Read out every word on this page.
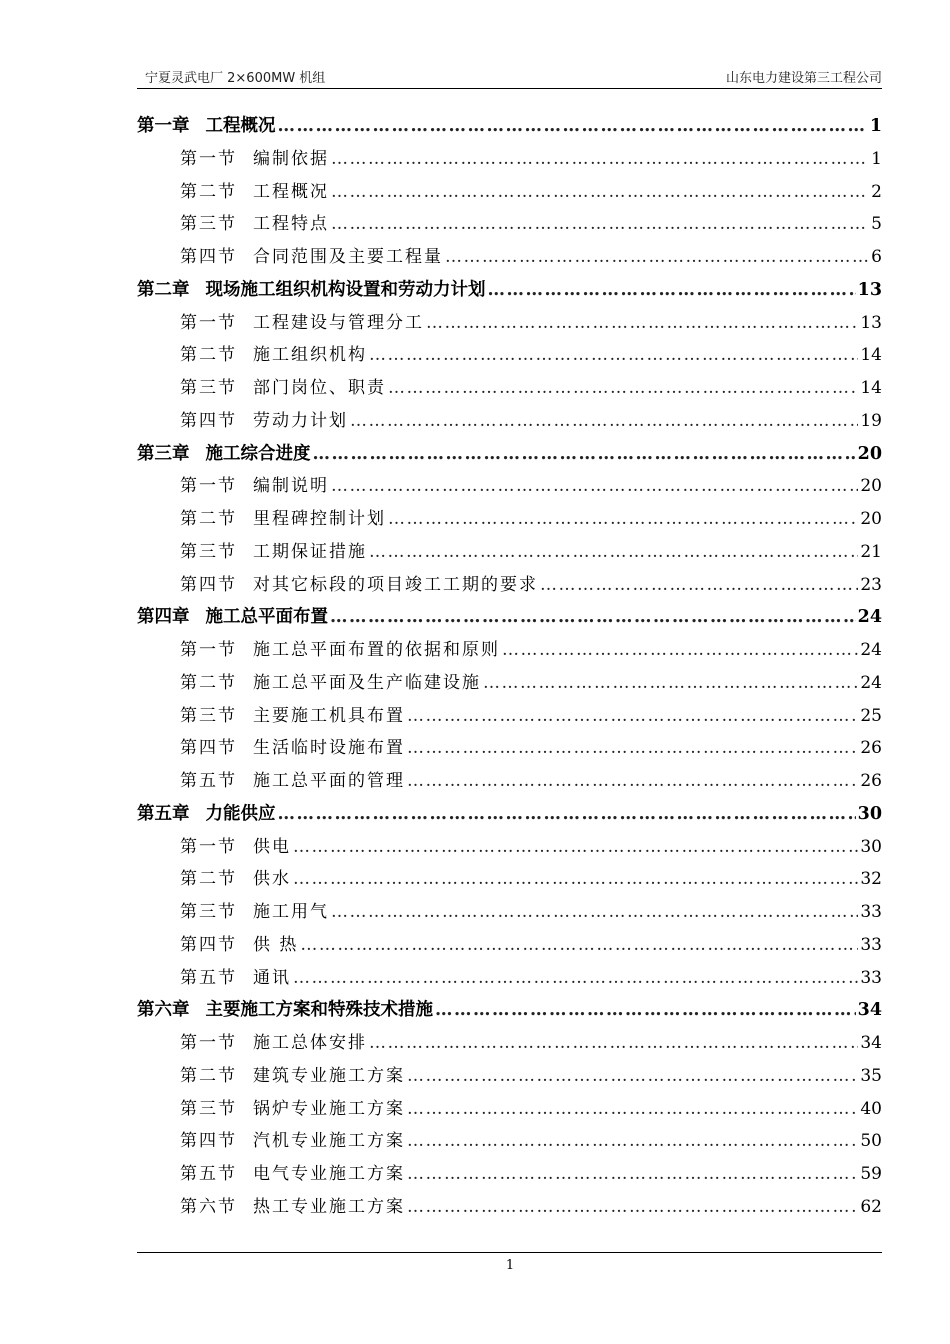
宁夏灵武电厂 2×600MW 机组	山东电力建设第三工程公司
第一章 工程概况 …………………………………………………………………………………………………………………………………………………………………………………………	1
第一节 编制依据 …………………………………………………………………………………………………………………………………………………………………………………………	1
第二节 工程概况 …………………………………………………………………………………………………………………………………………………………………………………………	2
第三节 工程特点 …………………………………………………………………………………………………………………………………………………………………………………………	5
第四节 合同范围及主要工程量 …………………………………………………………………………………………………………………………………………………………………………………………	6
第二章 现场施工组织机构设置和劳动力计划 …………………………………………………………………………………………………………………………………………………………………………………………	13
第一节 工程建设与管理分工 …………………………………………………………………………………………………………………………………………………………………………………………	13
第二节 施工组织机构 …………………………………………………………………………………………………………………………………………………………………………………………	14
第三节 部门岗位、职责 …………………………………………………………………………………………………………………………………………………………………………………………	14
第四节 劳动力计划 …………………………………………………………………………………………………………………………………………………………………………………………	19
第三章 施工综合进度 …………………………………………………………………………………………………………………………………………………………………………………………	20
第一节 编制说明 …………………………………………………………………………………………………………………………………………………………………………………………	20
第二节 里程碑控制计划 …………………………………………………………………………………………………………………………………………………………………………………………	20
第三节 工期保证措施 …………………………………………………………………………………………………………………………………………………………………………………………	21
第四节 对其它标段的项目竣工工期的要求 …………………………………………………………………………………………………………………………………………………………………………………………	23
第四章 施工总平面布置 …………………………………………………………………………………………………………………………………………………………………………………………	24
第一节 施工总平面布置的依据和原则 …………………………………………………………………………………………………………………………………………………………………………………………	24
第二节 施工总平面及生产临建设施 …………………………………………………………………………………………………………………………………………………………………………………………	24
第三节 主要施工机具布置 …………………………………………………………………………………………………………………………………………………………………………………………	25
第四节 生活临时设施布置 …………………………………………………………………………………………………………………………………………………………………………………………	26
第五节 施工总平面的管理 …………………………………………………………………………………………………………………………………………………………………………………………	26
第五章 力能供应 …………………………………………………………………………………………………………………………………………………………………………………………	30
第一节 供电 …………………………………………………………………………………………………………………………………………………………………………………………	30
第二节 供水 …………………………………………………………………………………………………………………………………………………………………………………………	32
第三节 施工用气 …………………………………………………………………………………………………………………………………………………………………………………………	33
第四节 供 热 …………………………………………………………………………………………………………………………………………………………………………………………	33
第五节 通讯 …………………………………………………………………………………………………………………………………………………………………………………………	33
第六章 主要施工方案和特殊技术措施 …………………………………………………………………………………………………………………………………………………………………………………………	34
第一节 施工总体安排 …………………………………………………………………………………………………………………………………………………………………………………………	34
第二节 建筑专业施工方案 …………………………………………………………………………………………………………………………………………………………………………………………	35
第三节 锅炉专业施工方案 …………………………………………………………………………………………………………………………………………………………………………………………	40
第四节 汽机专业施工方案 …………………………………………………………………………………………………………………………………………………………………………………………	50
第五节 电气专业施工方案 …………………………………………………………………………………………………………………………………………………………………………………………	59
第六节 热工专业施工方案 …………………………………………………………………………………………………………………………………………………………………………………………	62
1
